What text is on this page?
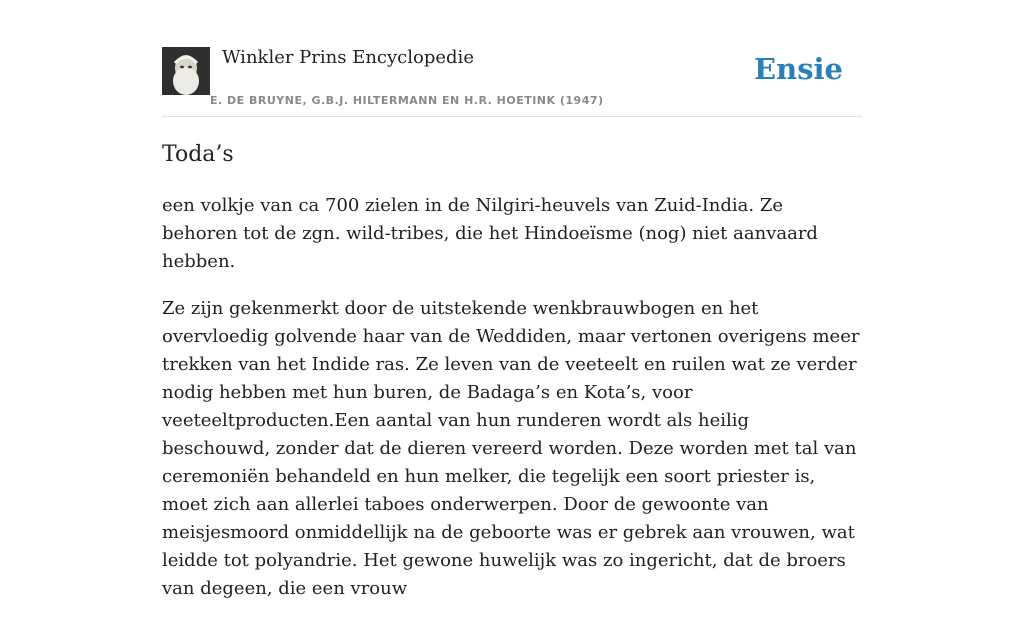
Winkler Prins Encyclopedie
E. DE BRUYNE, G.B.J. HILTERMANN EN H.R. HOETINK (1947)
Ensie
Toda’s

een volkje van ca 700 zielen in de Nilgiri-heuvels van Zuid-India. Ze behoren tot de zgn. wild-tribes, die het Hindoeïsme (nog) niet aanvaard hebben.

Ze zijn gekenmerkt door de uitstekende wenkbrauwbogen en het overvloedig golvende haar van de Weddiden, maar vertonen overigens meer trekken van het Indide ras. Ze leven van de veeteelt en ruilen wat ze verder nodig hebben met hun buren, de Badaga’s en Kota’s, voor veeteeltproducten.Een aantal van hun runderen wordt als heilig beschouwd, zonder dat de dieren vereerd worden. Deze worden met tal van ceremoniën behandeld en hun melker, die tegelijk een soort priester is, moet zich aan allerlei taboes onderwerpen. Door de gewoonte van meisjesmoord onmiddellijk na de geboorte was er gebrek aan vrouwen, wat leidde tot polyandrie. Het gewone huwelijk was zo ingericht, dat de broers van degeen, die een vrouw
